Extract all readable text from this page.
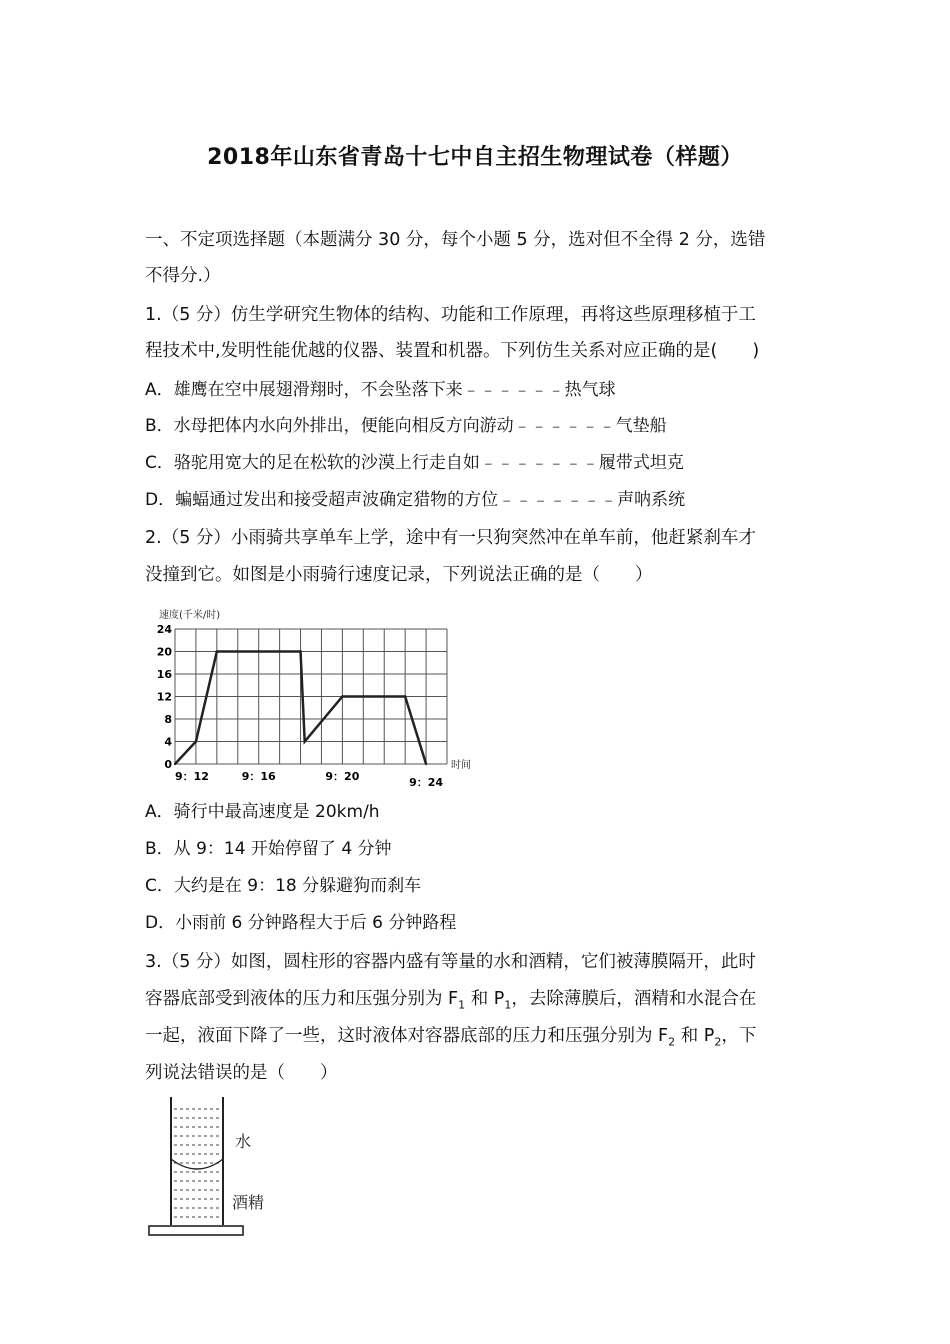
2018年山东省青岛十七中自主招生物理试卷（样题）
一、不定项选择题（本题满分 30 分，每个小题 5 分，选对但不全得 2 分，选错
不得分.）
1.（5 分）仿生学研究生物体的结构、功能和工作原理，再将这些原理移植于工
程技术中,发明性能优越的仪器、装置和机器。下列仿生关系对应正确的是(　　)
A．雄鹰在空中展翅滑翔时，不会坠落下来﹣﹣﹣﹣﹣﹣热气球
B．水母把体内水向外排出，便能向相反方向游动﹣﹣﹣﹣﹣﹣气垫船
C．骆驼用宽大的足在松软的沙漠上行走自如﹣﹣﹣﹣﹣﹣﹣履带式坦克
D．蝙蝠通过发出和接受超声波确定猎物的方位﹣﹣﹣﹣﹣﹣﹣声呐系统
2.（5 分）小雨骑共享单车上学，途中有一只狗突然冲在单车前，他赶紧刹车才
没撞到它。如图是小雨骑行速度记录，下列说法正确的是（　　）
速度(千米/时)
24
20
16
12
8
4
0
9：12	9：16	9：20	9：24
时间
A．骑行中最高速度是 20km/h
B．从 9：14 开始停留了 4 分钟
C．大约是在 9：18 分躲避狗而刹车
D．小雨前 6 分钟路程大于后 6 分钟路程
3.（5 分）如图，圆柱形的容器内盛有等量的水和酒精，它们被薄膜隔开，此时
容器底部受到液体的压力和压强分别为 $F_1$ 和 $P_1$，去除薄膜后，酒精和水混合在
一起，液面下降了一些，这时液体对容器底部的压力和压强分别为 $F_2$ 和 $P_2$，下
列说法错误的是（　　）
水
酒精
